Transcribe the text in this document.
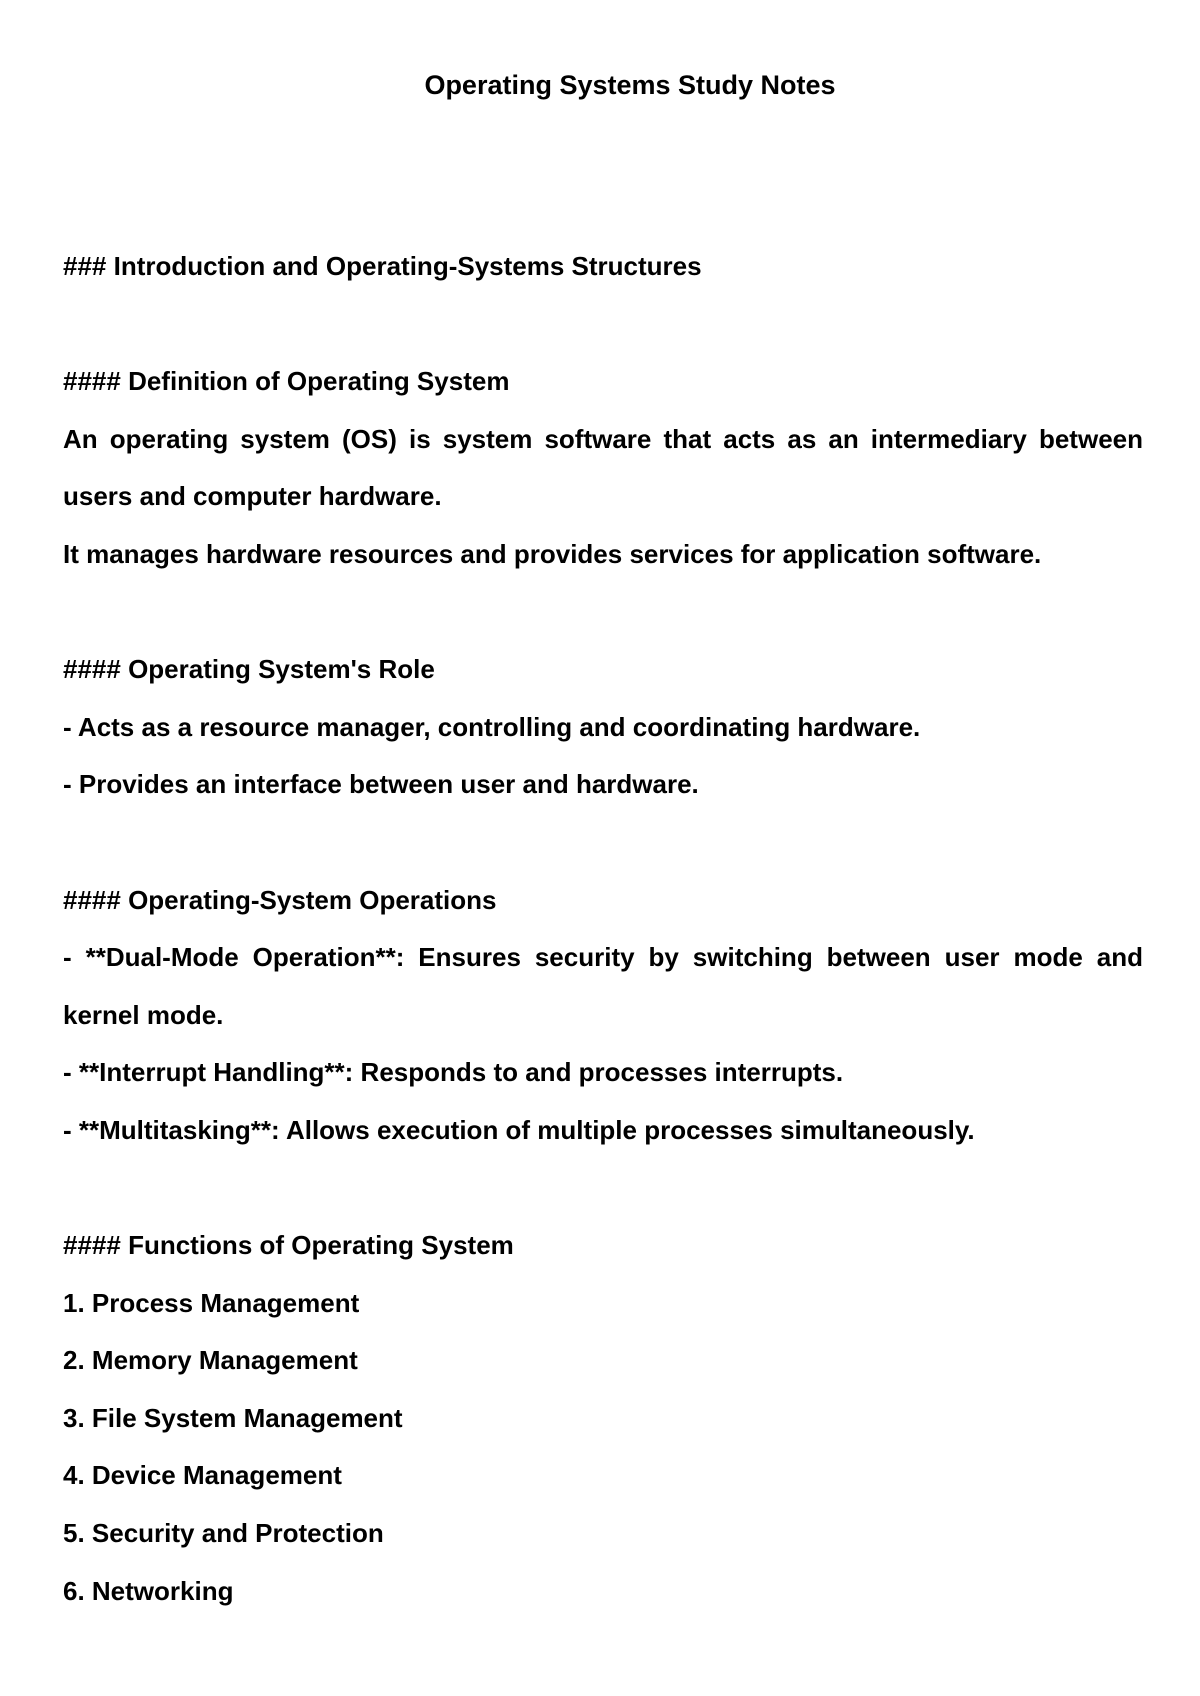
Operating Systems Study Notes

### Introduction and Operating-Systems Structures

#### Definition of Operating System

An operating system (OS) is system software that acts as an intermediary between users and computer hardware.

It manages hardware resources and provides services for application software.

#### Operating System's Role

- Acts as a resource manager, controlling and coordinating hardware.

- Provides an interface between user and hardware.

#### Operating-System Operations

- **Dual-Mode Operation**: Ensures security by switching between user mode and kernel mode.

- **Interrupt Handling**: Responds to and processes interrupts.

- **Multitasking**: Allows execution of multiple processes simultaneously.

#### Functions of Operating System

1. Process Management

2. Memory Management

3. File System Management

4. Device Management

5. Security and Protection

6. Networking
